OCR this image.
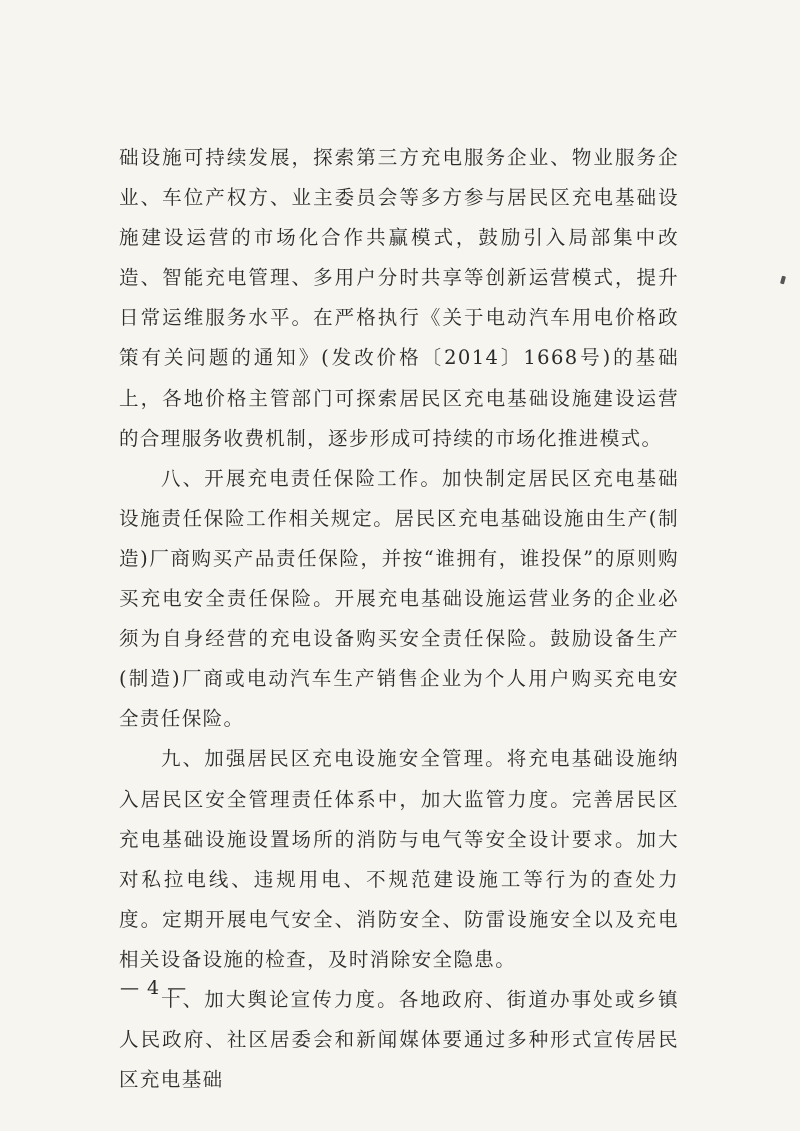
础设施可持续发展，探索第三方充电服务企业、物业服务企业、车位产权方、业主委员会等多方参与居民区充电基础设施建设运营的市场化合作共赢模式，鼓励引入局部集中改造、智能充电管理、多用户分时共享等创新运营模式，提升日常运维服务水平。在严格执行《关于电动汽车用电价格政策有关问题的通知》(发改价格〔2014〕1668号)的基础上，各地价格主管部门可探索居民区充电基础设施建设运营的合理服务收费机制，逐步形成可持续的市场化推进模式。

八、开展充电责任保险工作。加快制定居民区充电基础设施责任保险工作相关规定。居民区充电基础设施由生产(制造)厂商购买产品责任保险，并按“谁拥有，谁投保”的原则购买充电安全责任保险。开展充电基础设施运营业务的企业必须为自身经营的充电设备购买安全责任保险。鼓励设备生产(制造)厂商或电动汽车生产销售企业为个人用户购买充电安全责任保险。

九、加强居民区充电设施安全管理。将充电基础设施纳入居民区安全管理责任体系中，加大监管力度。完善居民区充电基础设施设置场所的消防与电气等安全设计要求。加大对私拉电线、违规用电、不规范建设施工等行为的查处力度。定期开展电气安全、消防安全、防雷设施安全以及充电相关设备设施的检查，及时消除安全隐患。

十、加大舆论宣传力度。各地政府、街道办事处或乡镇人民政府、社区居委会和新闻媒体要通过多种形式宣传居民区充电基础

— 4 —
